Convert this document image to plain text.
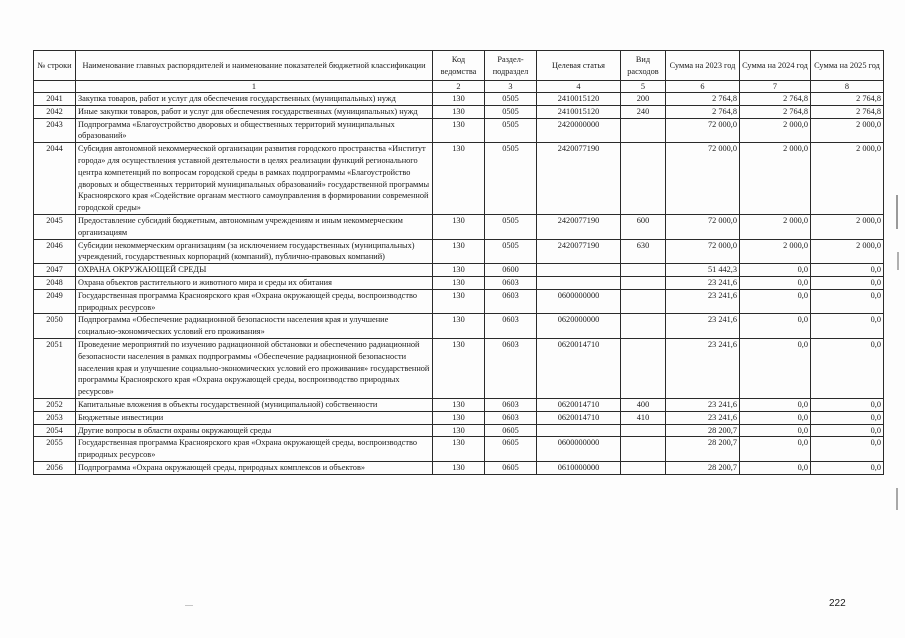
№ строки	Наименование главных распорядителей и наименование показателей бюджетной классификации	Код ведомства	Раздел-подраздел	Целевая статья	Вид расходов	Сумма на 2023 год	Сумма на 2024 год	Сумма на 2025 год
	1	2	3	4	5	6	7	8
2041	Закупка товаров, работ и услуг для обеспечения государственных (муниципальных) нужд	130	0505	2410015120	200	2 764,8	2 764,8	2 764,8
2042	Иные закупки товаров, работ и услуг для обеспечения государственных (муниципальных) нужд	130	0505	2410015120	240	2 764,8	2 764,8	2 764,8
2043	Подпрограмма «Благоустройство дворовых и общественных территорий муниципальных образований»	130	0505	2420000000		72 000,0	2 000,0	2 000,0
2044	Субсидия автономной некоммерческой организации развития городского пространства «Институт города» для осуществления уставной деятельности в целях реализации функций регионального центра компетенций по вопросам городской среды в рамках подпрограммы «Благоустройство дворовых и общественных территорий муниципальных образований» государственной программы Красноярского края «Содействие органам местного самоуправления в формировании современной городской среды»	130	0505	2420077190		72 000,0	2 000,0	2 000,0
2045	Предоставление субсидий бюджетным, автономным учреждениям и иным некоммерческим организациям	130	0505	2420077190	600	72 000,0	2 000,0	2 000,0
2046	Субсидии некоммерческим организациям (за исключением государственных (муниципальных) учреждений, государственных корпораций (компаний), публично-правовых компаний)	130	0505	2420077190	630	72 000,0	2 000,0	2 000,0
2047	ОХРАНА ОКРУЖАЮЩЕЙ СРЕДЫ	130	0600			51 442,3	0,0	0,0
2048	Охрана объектов растительного и животного мира и среды их обитания	130	0603			23 241,6	0,0	0,0
2049	Государственная программа Красноярского края «Охрана окружающей среды, воспроизводство природных ресурсов»	130	0603	0600000000		23 241,6	0,0	0,0
2050	Подпрограмма «Обеспечение радиационной безопасности населения края и улучшение социально-экономических условий его проживания»	130	0603	0620000000		23 241,6	0,0	0,0
2051	Проведение мероприятий по изучению радиационной обстановки и обеспечению радиационной безопасности населения в рамках подпрограммы «Обеспечение радиационной безопасности населения края и улучшение социально-экономических условий его проживания» государственной программы Красноярского края «Охрана окружающей среды, воспроизводство природных ресурсов»	130	0603	0620014710		23 241,6	0,0	0,0
2052	Капитальные вложения в объекты государственной (муниципальной) собственности	130	0603	0620014710	400	23 241,6	0,0	0,0
2053	Бюджетные инвестиции	130	0603	0620014710	410	23 241,6	0,0	0,0
2054	Другие вопросы в области охраны окружающей среды	130	0605			28 200,7	0,0	0,0
2055	Государственная программа Красноярского края «Охрана окружающей среды, воспроизводство природных ресурсов»	130	0605	0600000000		28 200,7	0,0	0,0
2056	Подпрограмма «Охрана окружающей среды, природных комплексов и объектов»	130	0605	0610000000		28 200,7	0,0	0,0
222
